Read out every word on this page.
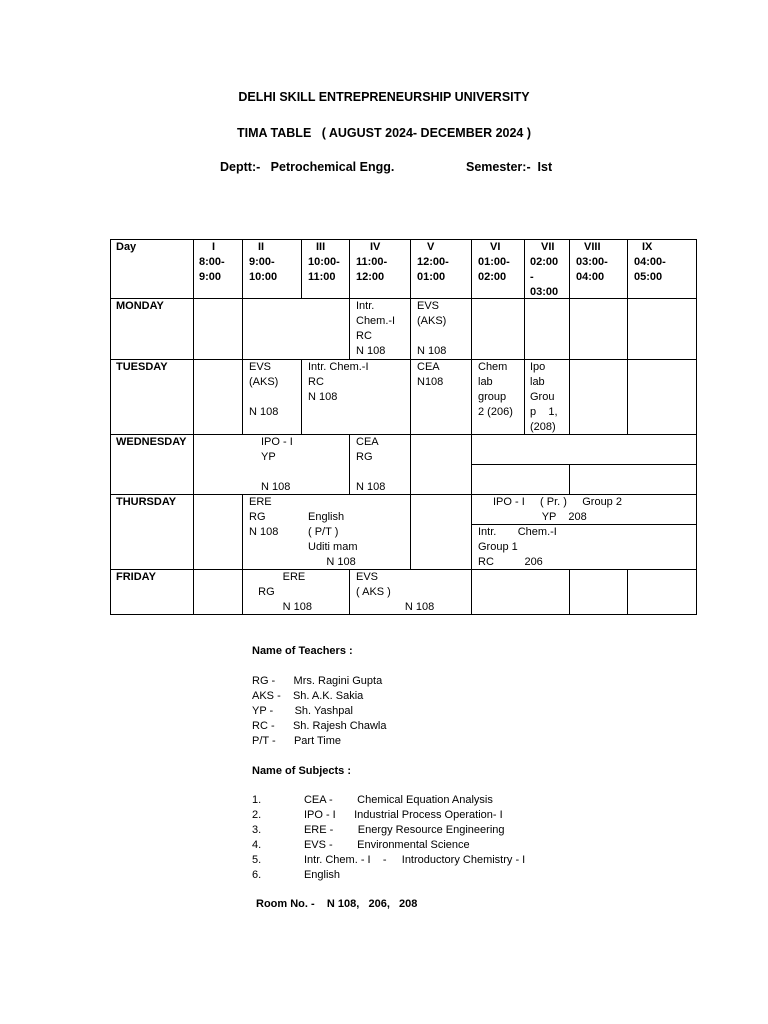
DELHI SKILL ENTREPRENEURSHIP UNIVERSITY
TIMA TABLE   ( AUGUST 2024- DECEMBER 2024 )
Deptt:-   Petrochemical Engg.	Semester:-  Ist
Day	I
8:00-
9:00
II
9:00-
10:00
III
10:00-
11:00
IV
11:00-
12:00
V
12:00-
01:00
VI
01:00-
02:00
VII
02:00
-
03:00
VIII
03:00-
04:00
IX
04:00-
05:00
MONDAY
TUESDAY
WEDNESDAY
THURSDAY
FRIDAY
Intr.
Chem.-I
RC
N 108
EVS
(AKS)

N 108
EVS
(AKS)

N 108
Intr. Chem.-I
RC
N 108
CEA
N108
Chem
lab
group
2 (206)
Ipo
lab
Grou
p    1,
(208)
IPO - I
YP

N 108
CEA
RG

N 108
ERE
RG
N 108
English
( P/T )
Uditi mam
N 108
IPO - I     ( Pr. )     Group 2
YP    208
Intr.       Chem.-I
Group 1
RC          206
ERE
RG
N 108
EVS
( AKS )
N 108
Name of Teachers :
RG -      Mrs. Ragini Gupta
AKS -    Sh. A.K. Sakia
YP -       Sh. Yashpal
RC -      Sh. Rajesh Chawla
P/T -      Part Time
Name of Subjects :
1.              CEA -        Chemical Equation Analysis
2.              IPO - I      Industrial Process Operation- I
3.              ERE -        Energy Resource Engineering
4.              EVS -        Environmental Science
5.              Intr. Chem. - I    -     Introductory Chemistry - I
6.              English
Room No. -    N 108,   206,   208
